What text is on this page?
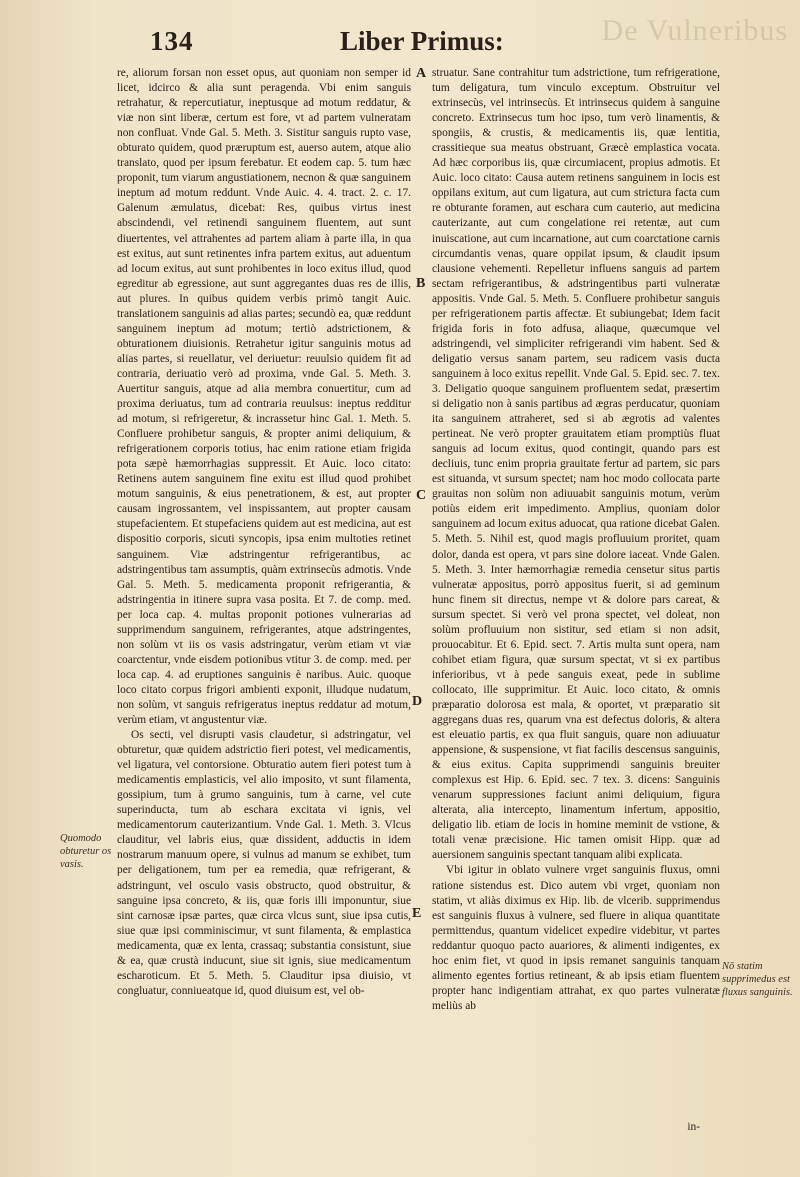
De Vulneribus
134	Liber Primus:

re, aliorum forsan non esset opus, aut quoniam non semper id licet, idcirco & alia sunt peragenda. Vbi enim sanguis retrahatur, & repercutiatur, ineptusque ad motum reddatur, & viæ non sint liberæ, certum est fore, vt ad partem vulneratam non confluat. Vnde Gal. 5. Meth. 3. Sistitur sanguis rupto vase, obturato quidem, quod præruptum est, auerso autem, atque alio translato, quod per ipsum ferebatur. Et eodem cap. 5. tum hæc proponit, tum viarum angustiationem, necnon & quæ sanguinem ineptum ad motum reddunt. Vnde Auic. 4. 4. tract. 2. c. 17. Galenum æmulatus, dicebat: Res, quibus virtus inest abscindendi, vel retinendi sanguinem fluentem, aut sunt diuertentes, vel attrahentes ad partem aliam à parte illa, in qua est exitus, aut sunt retinentes infra partem exitus, aut aduentum ad locum exitus, aut sunt prohibentes in loco exitus illud, quod egreditur ab egressione, aut sunt aggregantes duas res de illis, aut plures. In quibus quidem verbis primò tangit Auic. translationem sanguinis ad alias partes; secundò ea, quæ reddunt sanguinem ineptum ad motum; tertiò adstrictionem, & obturationem diuisionis. Retrahetur igitur sanguinis motus ad alias partes, si reuellatur, vel deriuetur: reuulsio quidem fit ad contraria, deriuatio verò ad proxima, vnde Gal. 5. Meth. 3. Auertitur sanguis, atque ad alia membra conuertitur, cum ad proxima deriuatus, tum ad contraria reuulsus: ineptus redditur ad motum, si refrigeretur, & incrassetur hinc Gal. 1. Meth. 5. Confluere prohibetur sanguis, & propter animi deliquium, & refrigerationem corporis totius, hac enim ratione etiam frigida pota sæpè hæmorrhagias suppressit. Et Auic. loco citato: Retinens autem sanguinem fine exitu est illud quod prohibet motum sanguinis, & eius penetrationem, & est, aut propter causam ingrossantem, vel inspissantem, aut propter causam stupefacientem. Et stupefaciens quidem aut est medicina, aut est dispositio corporis, sicuti syncopis, ipsa enim multoties retinet sanguinem. Viæ adstringentur refrigerantibus, ac adstringentibus tam assumptis, quàm extrinsecùs admotis. Vnde Gal. 5. Meth. 5. medicamenta proponit refrigerantia, & adstringentia in itinere supra vasa posita. Et 7. de comp. med. per loca cap. 4. multas proponit potiones vulnerarias ad supprimendum sanguinem, refrigerantes, atque adstringentes, non solùm vt iis os vasis adstringatur, verùm etiam vt viæ coarctentur, vnde eisdem potionibus vtitur 3. de comp. med. per loca cap. 4. ad eruptiones sanguinis è naribus. Auic. quoque loco citato corpus frigori ambienti exponit, illudque nudatum, non solùm, vt sanguis refrigeratus ineptus reddatur ad motum, verùm etiam, vt angustentur viæ.

Os secti, vel disrupti vasis claudetur, si adstringatur, vel obturetur, quæ quidem adstrictio fieri potest, vel medicamentis, vel ligatura, vel contorsione. Obturatio autem fieri potest tum à medicamentis emplasticis, vel alio imposito, vt sunt filamenta, gossipium, tum à grumo sanguinis, tum à carne, vel cute superinducta, tum ab eschara excitata vi ignis, vel medicamentorum cauterizantium. Vnde Gal. 1. Meth. 3. Vlcus clauditur, vel labris eius, quæ dissident, adductis in idem nostrarum manuum opere, si vulnus ad manum se exhibet, tum per deligationem, tum per ea remedia, quæ refrigerant, & adstringunt, vel osculo vasis obstructo, quod obstruitur, & sanguine ipsa concreto, & iis, quæ foris illi imponuntur, siue sint carnosæ ipsæ partes, quæ circa vlcus sunt, siue ipsa cutis, siue quæ ipsi comminiscimur, vt sunt filamenta, & emplastica medicamenta, quæ ex lenta, crassaq; substantia consistunt, siue & ea, quæ crustà inducunt, siue sit ignis, siue medicamentum escharoticum. Et 5. Meth. 5. Clauditur ipsa diuisio, vt congluatur, conniueatque id, quod diuisum est, vel ob-

struatur. Sane contrahitur tum adstrictione, tum refrigeratione, tum deligatura, tum vinculo exceptum. Obstruitur vel extrinsecùs, vel intrinsecùs. Et intrinsecus quidem à sanguine concreto. Extrinsecus tum hoc ipso, tum verò linamentis, & spongiis, & crustis, & medicamentis iis, quæ lentitia, crassitieque sua meatus obstruant, Græcè emplastica vocata. Ad hæc corporibus iis, quæ circumiacent, propius admotis. Et Auic. loco citato: Causa autem retinens sanguinem in locis est oppilans exitum, aut cum ligatura, aut cum strictura facta cum re obturante foramen, aut eschara cum cauterio, aut medicina cauterizante, aut cum congelatione rei retentæ, aut cum inuiscatione, aut cum incarnatione, aut cum coarctatione carnis circumdantis venas, quare oppilat ipsum, & claudit ipsum clausione vehementi. Repelletur influens sanguis ad partem sectam refrigerantibus, & adstringentibus parti vulneratæ appositis. Vnde Gal. 5. Meth. 5. Confluere prohibetur sanguis per refrigerationem partis affectæ. Et subiungebat; Idem facit frigida foris in foto adfusa, aliaque, quæcumque vel adstringendi, vel simpliciter refrigerandi vim habent. Sed & deligatio versus sanam partem, seu radicem vasis ducta sanguinem à loco exitus repellit. Vnde Gal. 5. Epid. sec. 7. tex. 3. Deligatio quoque sanguinem profluentem sedat, præsertim si deligatio non à sanis partibus ad ægras perducatur, quoniam ita sanguinem attraheret, sed si ab ægrotis ad valentes pertineat. Ne verò propter grauitatem etiam promptiùs fluat sanguis ad locum exitus, quod contingit, quando pars est decliuis, tunc enim propria grauitate fertur ad partem, sic pars est situanda, vt sursum spectet; nam hoc modo collocata parte grauitas non solùm non adiuuabit sanguinis motum, verùm potiùs eidem erit impedimento. Amplius, quoniam dolor sanguinem ad locum exitus aduocat, qua ratione dicebat Galen. 5. Meth. 5. Nihil est, quod magis profluuium proritet, quam dolor, danda est opera, vt pars sine dolore iaceat. Vnde Galen. 5. Meth. 3. Inter hæmorrhagiæ remedia censetur situs partis vulneratæ appositus, porrò appositus fuerit, si ad geminum hunc finem sit directus, nempe vt & dolore pars careat, & sursum spectet. Si verò vel prona spectet, vel doleat, non solùm profluuium non sistitur, sed etiam si non adsit, prouocabitur. Et 6. Epid. sect. 7. Artis multa sunt opera, nam cohibet etiam figura, quæ sursum spectat, vt si ex partibus inferioribus, vt à pede sanguis exeat, pede in sublime collocato, ille supprimitur. Et Auic. loco citato, & omnis præparatio dolorosa est mala, & oportet, vt præparatio sit aggregans duas res, quarum vna est defectus doloris, & altera est eleuatio partis, ex qua fluit sanguis, quare non adiuuatur appensione, & suspensione, vt fiat facilis descensus sanguinis, & eius exitus. Capita supprimendi sanguinis breuiter complexus est Hip. 6. Epid. sec. 7 tex. 3. dicens: Sanguinis venarum suppressiones faciunt animi deliquium, figura alterata, alia intercepto, linamentum infertum, appositio, deligatio lib. etiam de locis in homine meminit de vstione, & totali venæ præcisione. Hic tamen omisit Hipp. quæ ad auersionem sanguinis spectant tanquam alibi explicata.

Vbi igitur in oblato vulnere vrget sanguinis fluxus, omni ratione sistendus est. Dico autem vbi vrget, quoniam non statim, vt aliàs diximus ex Hip. lib. de vlcerib. supprimendus est sanguinis fluxus à vulnere, sed fluere in aliqua quantitate permittendus, quantum videlicet expedire videbitur, vt partes reddantur quoquo pacto auariores, & alimenti indigentes, ex hoc enim fiet, vt quod in ipsis remanet sanguinis tanquam alimento egentes fortius retineant, & ab ipsis etiam fluentem propter hanc indigentiam attrahat, ex quo partes vulneratæ meliùs ab

A
B
C
D
E
Quomodo obturetur os vasis.
Nō statim supprimedus est fluxus sanguinis.
in-
